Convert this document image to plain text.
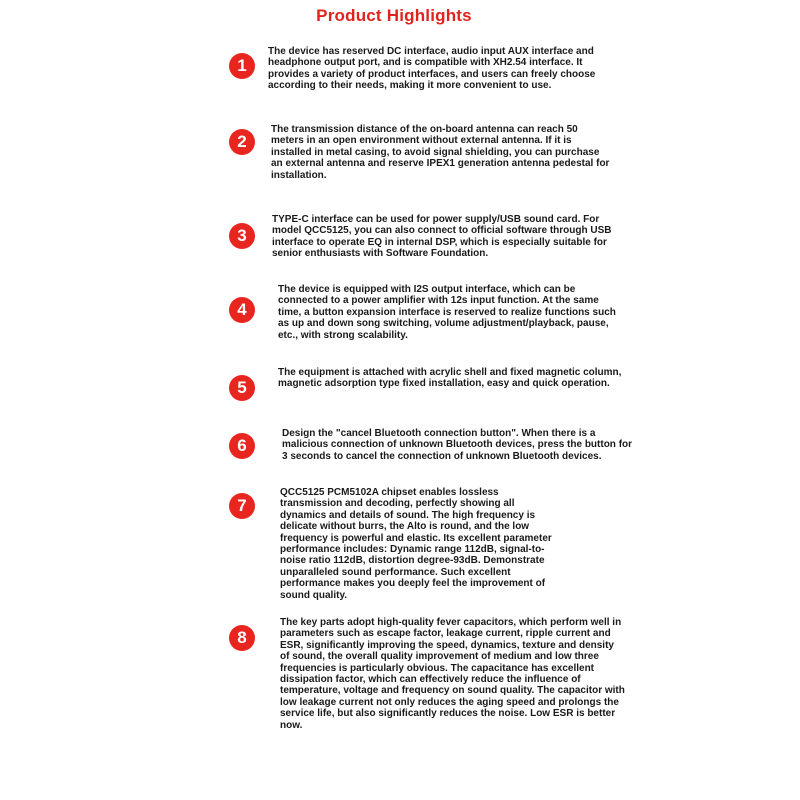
Product Highlights
1

The device has reserved DC interface, audio input AUX interface and headphone output port, and is compatible with XH2.54 interface. It provides a variety of product interfaces, and users can freely choose according to their needs, making it more convenient to use.

2

The transmission distance of the on-board antenna can reach 50 meters in an open environment without external antenna. If it is installed in metal casing, to avoid signal shielding, you can purchase an external antenna and reserve IPEX1 generation antenna pedestal for installation.

3

TYPE-C interface can be used for power supply/USB sound card. For model QCC5125, you can also connect to official software through USB interface to operate EQ in internal DSP, which is especially suitable for senior enthusiasts with Software Foundation.

4

The device is equipped with I2S output interface, which can be connected to a power amplifier with 12s input function. At the same time, a button expansion interface is reserved to realize functions such as up and down song switching, volume adjustment/playback, pause, etc., with strong scalability.

5

The equipment is attached with acrylic shell and fixed magnetic column, magnetic adsorption type fixed installation, easy and quick operation.

6

Design the "cancel Bluetooth connection button". When there is a malicious connection of unknown Bluetooth devices, press the button for 3 seconds to cancel the connection of unknown Bluetooth devices.

7

QCC5125 PCM5102A chipset enables lossless transmission and decoding, perfectly showing all dynamics and details of sound. The high frequency is delicate without burrs, the Alto is round, and the low frequency is powerful and elastic. Its excellent parameter performance includes: Dynamic range 112dB, signal-to-noise ratio 112dB, distortion degree-93dB. Demonstrate unparalleled sound performance. Such excellent performance makes you deeply feel the improvement of sound quality.

8

The key parts adopt high-quality fever capacitors, which perform well in parameters such as escape factor, leakage current, ripple current and ESR, significantly improving the speed, dynamics, texture and density of sound, the overall quality improvement of medium and low three frequencies is particularly obvious. The capacitance has excellent dissipation factor, which can effectively reduce the influence of temperature, voltage and frequency on sound quality. The capacitor with low leakage current not only reduces the aging speed and prolongs the service life, but also significantly reduces the noise. Low ESR is better now.
